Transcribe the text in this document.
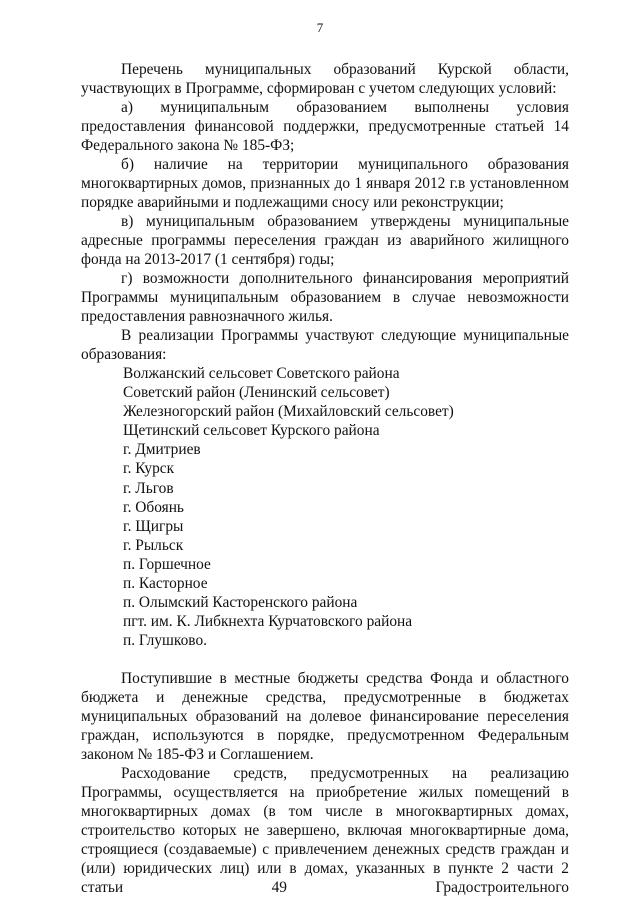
7

Перечень муниципальных образований Курской области, участвующих в Программе, сформирован с учетом следующих условий:

а) муниципальным образованием выполнены условия предоставления финансовой поддержки, предусмотренные статьей 14 Федерального закона № 185-ФЗ;

б) наличие на территории муниципального образования многоквартирных домов, признанных до 1 января 2012 г.в установленном порядке аварийными и подлежащими сносу или реконструкции;

в) муниципальным образованием утверждены муниципальные адресные программы переселения граждан из аварийного жилищного фонда на 2013-2017 (1 сентября) годы;

г) возможности дополнительного финансирования мероприятий Программы муниципальным образованием в случае невозможности предоставления равнозначного жилья.

В реализации Программы участвуют следующие муниципальные образования:

Волжанский сельсовет Советского района
Советский район (Ленинский сельсовет)
Железногорский район (Михайловский сельсовет)
Щетинский сельсовет Курского района
г. Дмитриев
г. Курск
г. Льгов
г. Обоянь
г. Щигры
г. Рыльск
п. Горшечное
п. Касторное
п. Олымский Касторенского района
пгт. им. К. Либкнехта Курчатовского района
п. Глушково.

Поступившие в местные бюджеты средства Фонда и областного бюджета и денежные средства, предусмотренные в бюджетах муниципальных образований на долевое финансирование переселения граждан, используются в порядке, предусмотренном Федеральным законом № 185-ФЗ и Соглашением.

Расходование средств, предусмотренных на реализацию Программы, осуществляется на приобретение жилых помещений в многоквартирных домах (в том числе в многоквартирных домах, строительство которых не завершено, включая многоквартирные дома, строящиеся (создаваемые) с привлечением денежных средств граждан и (или) юридических лиц) или в домах, указанных в пункте 2 части 2 статьи 49 Градостроительного
